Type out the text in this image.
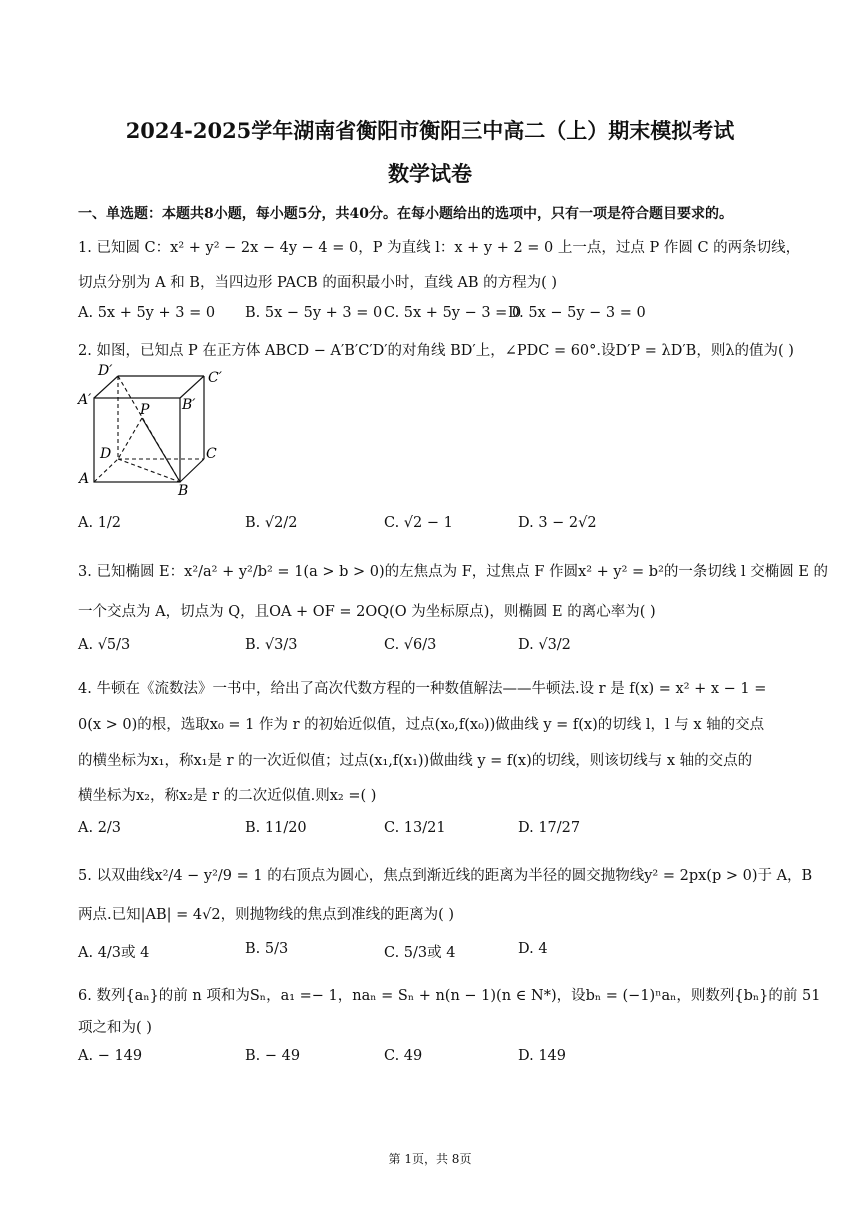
2024-2025学年湖南省衡阳市衡阳三中高二（上）期末模拟考试
数学试卷
一、单选题：本题共8小题，每小题5分，共40分。在每小题给出的选项中，只有一项是符合题目要求的。
1. 已知圆 C：x² + y² − 2x − 4y − 4 = 0，P 为直线 l：x + y + 2 = 0 上一点，过点 P 作圆 C 的两条切线，
切点分别为 A 和 B，当四边形 PACB 的面积最小时，直线 AB 的方程为( )
A. 5x + 5y + 3 = 0 B. 5x − 5y + 3 = 0 C. 5x + 5y − 3 = 0
D. 5x − 5y − 3 = 0
2. 如图，已知点 P 在正方体 ABCD − A′B′C′D′的对角线 BD′上，∠PDC = 60°.设D′P = λD′B，则λ的值为( )
D′	C′
A′	B′
P
D	C
A
B
A. 1/2	B. √2/2	C. √2 − 1	D. 3 − 2√2
3. 已知椭圆 E：x²/a² + y²/b² = 1(a > b > 0)的左焦点为 F，过焦点 F 作圆x² + y² = b²的一条切线 l 交椭圆 E 的
一个交点为 A，切点为 Q，且OA + OF = 2OQ(O 为坐标原点)，则椭圆 E 的离心率为( )
A. √5/3	B. √3/3	C. √6/3	D. √3/2
4. 牛顿在《流数法》一书中，给出了高次代数方程的一种数值解法——牛顿法.设 r 是 f(x) = x² + x − 1 =
0(x > 0)的根，选取x₀ = 1 作为 r 的初始近似值，过点(x₀,f(x₀))做曲线 y = f(x)的切线 l，l 与 x 轴的交点
的横坐标为x₁，称x₁是 r 的一次近似值；过点(x₁,f(x₁))做曲线 y = f(x)的切线，则该切线与 x 轴的交点的
横坐标为x₂，称x₂是 r 的二次近似值.则x₂ =( )
A. 2/3	B. 11/20	C. 13/21	D. 17/27
5. 以双曲线x²/4 − y²/9 = 1 的右顶点为圆心，焦点到渐近线的距离为半径的圆交抛物线y² = 2px(p > 0)于 A，B
两点.已知|AB| = 4√2，则抛物线的焦点到准线的距离为( )
A. 4/3或 4	B. 5/3	C. 5/3或 4	D. 4
6. 数列{aₙ}的前 n 项和为Sₙ，a₁ =− 1，naₙ = Sₙ + n(n − 1)(n ∈ N*)，设bₙ = (−1)ⁿaₙ，则数列{bₙ}的前 51
项之和为( )
A. − 149	B. − 49	C. 49	D. 149
第 1页，共 8页
